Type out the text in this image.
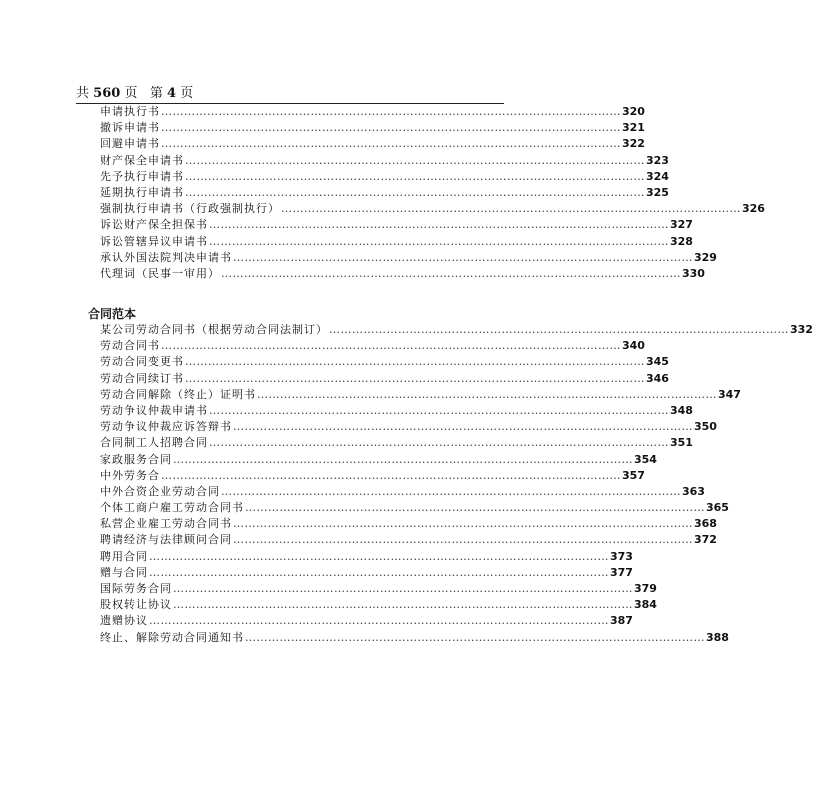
共 560 页 第 4 页
申请执行书 ………………………………………………………………………………………………………… 320
撤诉申请书 ………………………………………………………………………………………………………… 321
回避申请书 ………………………………………………………………………………………………………… 322
财产保全申请书 ………………………………………………………………………………………………………… 323
先予执行申请书 ………………………………………………………………………………………………………… 324
延期执行申请书 ………………………………………………………………………………………………………… 325
强制执行申请书（行政强制执行） ………………………………………………………………………………………………………… 326
诉讼财产保全担保书 ………………………………………………………………………………………………………… 327
诉讼管辖异议申请书 ………………………………………………………………………………………………………… 328
承认外国法院判决申请书 ………………………………………………………………………………………………………… 329
代理词（民事一审用） ………………………………………………………………………………………………………… 330
合同范本
某公司劳动合同书（根据劳动合同法制订） ………………………………………………………………………………………………………… 332
劳动合同书 ………………………………………………………………………………………………………… 340
劳动合同变更书 ………………………………………………………………………………………………………… 345
劳动合同续订书 ………………………………………………………………………………………………………… 346
劳动合同解除（终止）证明书 ………………………………………………………………………………………………………… 347
劳动争议仲裁申请书 ………………………………………………………………………………………………………… 348
劳动争议仲裁应诉答辩书 ………………………………………………………………………………………………………… 350
合同制工人招聘合同 ………………………………………………………………………………………………………… 351
家政服务合同 ………………………………………………………………………………………………………… 354
中外劳务合 ………………………………………………………………………………………………………… 357
中外合资企业劳动合同 ………………………………………………………………………………………………………… 363
个体工商户雇工劳动合同书 ………………………………………………………………………………………………………… 365
私营企业雇工劳动合同书 ………………………………………………………………………………………………………… 368
聘请经济与法律顾问合同 ………………………………………………………………………………………………………… 372
聘用合同 ………………………………………………………………………………………………………… 373
赠与合同 ………………………………………………………………………………………………………… 377
国际劳务合同 ………………………………………………………………………………………………………… 379
股权转让协议 ………………………………………………………………………………………………………… 384
遗赠协议 ………………………………………………………………………………………………………… 387
终止、解除劳动合同通知书 ………………………………………………………………………………………………………… 388
